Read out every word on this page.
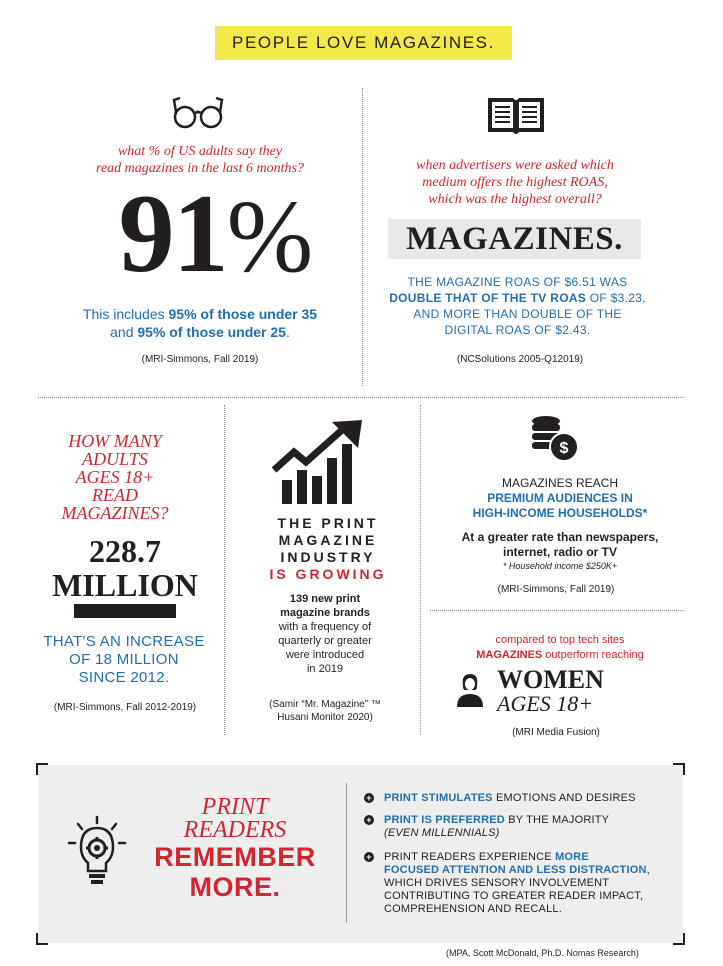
PEOPLE LOVE MAGAZINES.
what % of US adults say they
read magazines in the last 6 months?
91%
This includes 95% of those under 35
and 95% of those under 25.
(MRI-Simmons, Fall 2019)
when advertisers were asked which
medium offers the highest ROAS,
which was the highest overall?
MAGAZINES.
THE MAGAZINE ROAS OF $6.51 WAS
DOUBLE THAT OF THE TV ROAS OF $3.23,
AND MORE THAN DOUBLE OF THE
DIGITAL ROAS OF $2.43.
(NCSolutions 2005-Q12019)
HOW MANY
ADULTS
AGES 18+
READ
MAGAZINES?
228.7
MILLION
THAT'S AN INCREASE
OF 18 MILLION
SINCE 2012.
(MRI-Simmons, Fall 2012-2019)
THE PRINT
MAGAZINE
INDUSTRY
IS GROWING
139 new print
magazine brands
with a frequency of
quarterly or greater
were introduced
in 2019
(Samir “Mr. Magazine” ™
Husani Monitor 2020)
$
MAGAZINES REACH
PREMIUM AUDIENCES IN
HIGH-INCOME HOUSEHOLDS*
At a greater rate than newspapers,
internet, radio or TV
* Household income $250K+
(MRI-Simmons, Fall 2019)
compared to top tech sites
MAGAZINES outperform reaching
WOMEN
AGES 18+
(MRI Media Fusion)
PRINT
READERS
REMEMBER
MORE.
+ PRINT STIMULATES EMOTIONS AND DESIRES
+ PRINT IS PREFERRED BY THE MAJORITY
(EVEN MILLENNIALS)
+ PRINT READERS EXPERIENCE MORE
FOCUSED ATTENTION AND LESS DISTRACTION,
WHICH DRIVES SENSORY INVOLVEMENT
CONTRIBUTING TO GREATER READER IMPACT,
COMPREHENSION AND RECALL.
(MPA, Scott McDonald, Ph.D. Nomas Research)
